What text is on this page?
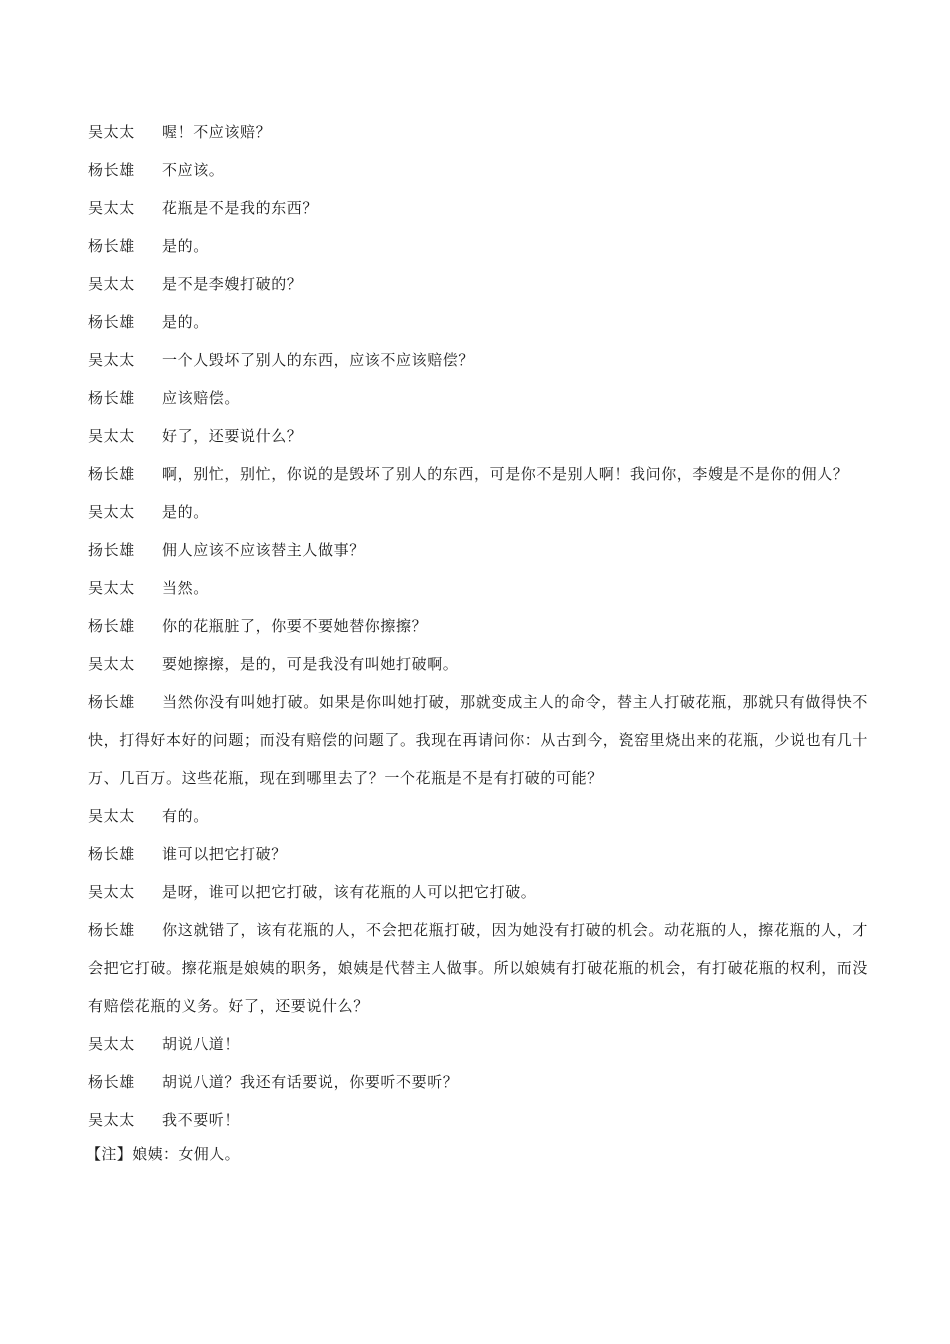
吴太太 喔！不应该赔？

杨长雄 不应该。

吴太太 花瓶是不是我的东西？

杨长雄 是的。

吴太太 是不是李嫂打破的？

杨长雄 是的。

吴太太 一个人毁坏了别人的东西，应该不应该赔偿？

杨长雄 应该赔偿。

吴太太 好了，还要说什么？

杨长雄 啊，别忙，别忙，你说的是毁坏了别人的东西，可是你不是别人啊！我问你，李嫂是不是你的佣人？

吴太太 是的。

扬长雄 佣人应该不应该替主人做事？

吴太太 当然。

杨长雄 你的花瓶脏了，你要不要她替你擦擦？

吴太太 要她擦擦，是的，可是我没有叫她打破啊。

杨长雄 当然你没有叫她打破。如果是你叫她打破，那就变成主人的命令，替主人打破花瓶，那就只有做得快不快，打得好本好的问题；而没有赔偿的问题了。我现在再请问你：从古到今，瓷窑里烧出来的花瓶，少说也有几十万、几百万。这些花瓶，现在到哪里去了？一个花瓶是不是有打破的可能？

吴太太 有的。

杨长雄 谁可以把它打破？

吴太太 是呀，谁可以把它打破，该有花瓶的人可以把它打破。

杨长雄 你这就错了，该有花瓶的人，不会把花瓶打破，因为她没有打破的机会。动花瓶的人，擦花瓶的人，才会把它打破。擦花瓶是娘姨的职务，娘姨是代替主人做事。所以娘姨有打破花瓶的机会，有打破花瓶的权利，而没有赔偿花瓶的义务。好了，还要说什么？

吴太太 胡说八道！

杨长雄 胡说八道？我还有话要说，你要听不要听？

吴太太 我不要听！

【注】娘姨：女佣人。
